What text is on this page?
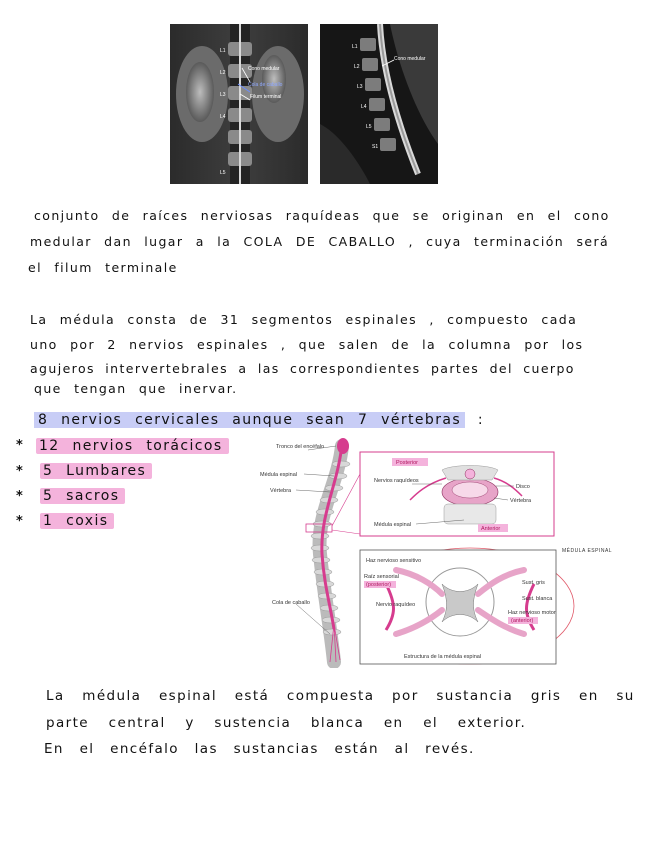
Cono medular
Cola de caballo
Filum terminal
L1
L2
L3
L4
L5
Cono medular
L1
L2
L3
L4
L5
S1
conjunto de raíces nerviosas raquídeas que se originan en el cono
medular dan lugar a la COLA DE CABALLO , cuya terminación será
el filum terminale
La médula consta de 31 segmentos espinales , compuesto cada
uno por 2 nervios espinales , que salen de la columna por los
agujeros intervertebrales a las correspondientes partes del cuerpo
que tengan que inervar.
8 nervios cervicales aunque sean 7 vértebras :
*
*
*
*
12 nervios torácicos
5 Lumbares
5 sacros
1 coxis
Tronco del encéfalo
Médula espinal
Vértebra
Cola de caballo
Posterior
Nervios raquídeos
Disco
Vértebra
Médula espinal
Anterior
Haz nervioso sensitivo
Raíz sensorial
(posterior)
Nervio raquídeo
Sust. gris
Sust. blanca
Haz nervioso motor
(anterior)
Estructura de la médula espinal
MÉDULA ESPINAL
La médula espinal está compuesta por sustancia gris en su
parte central y sustencia blanca en el exterior.
En el encéfalo las sustancias están al revés.
